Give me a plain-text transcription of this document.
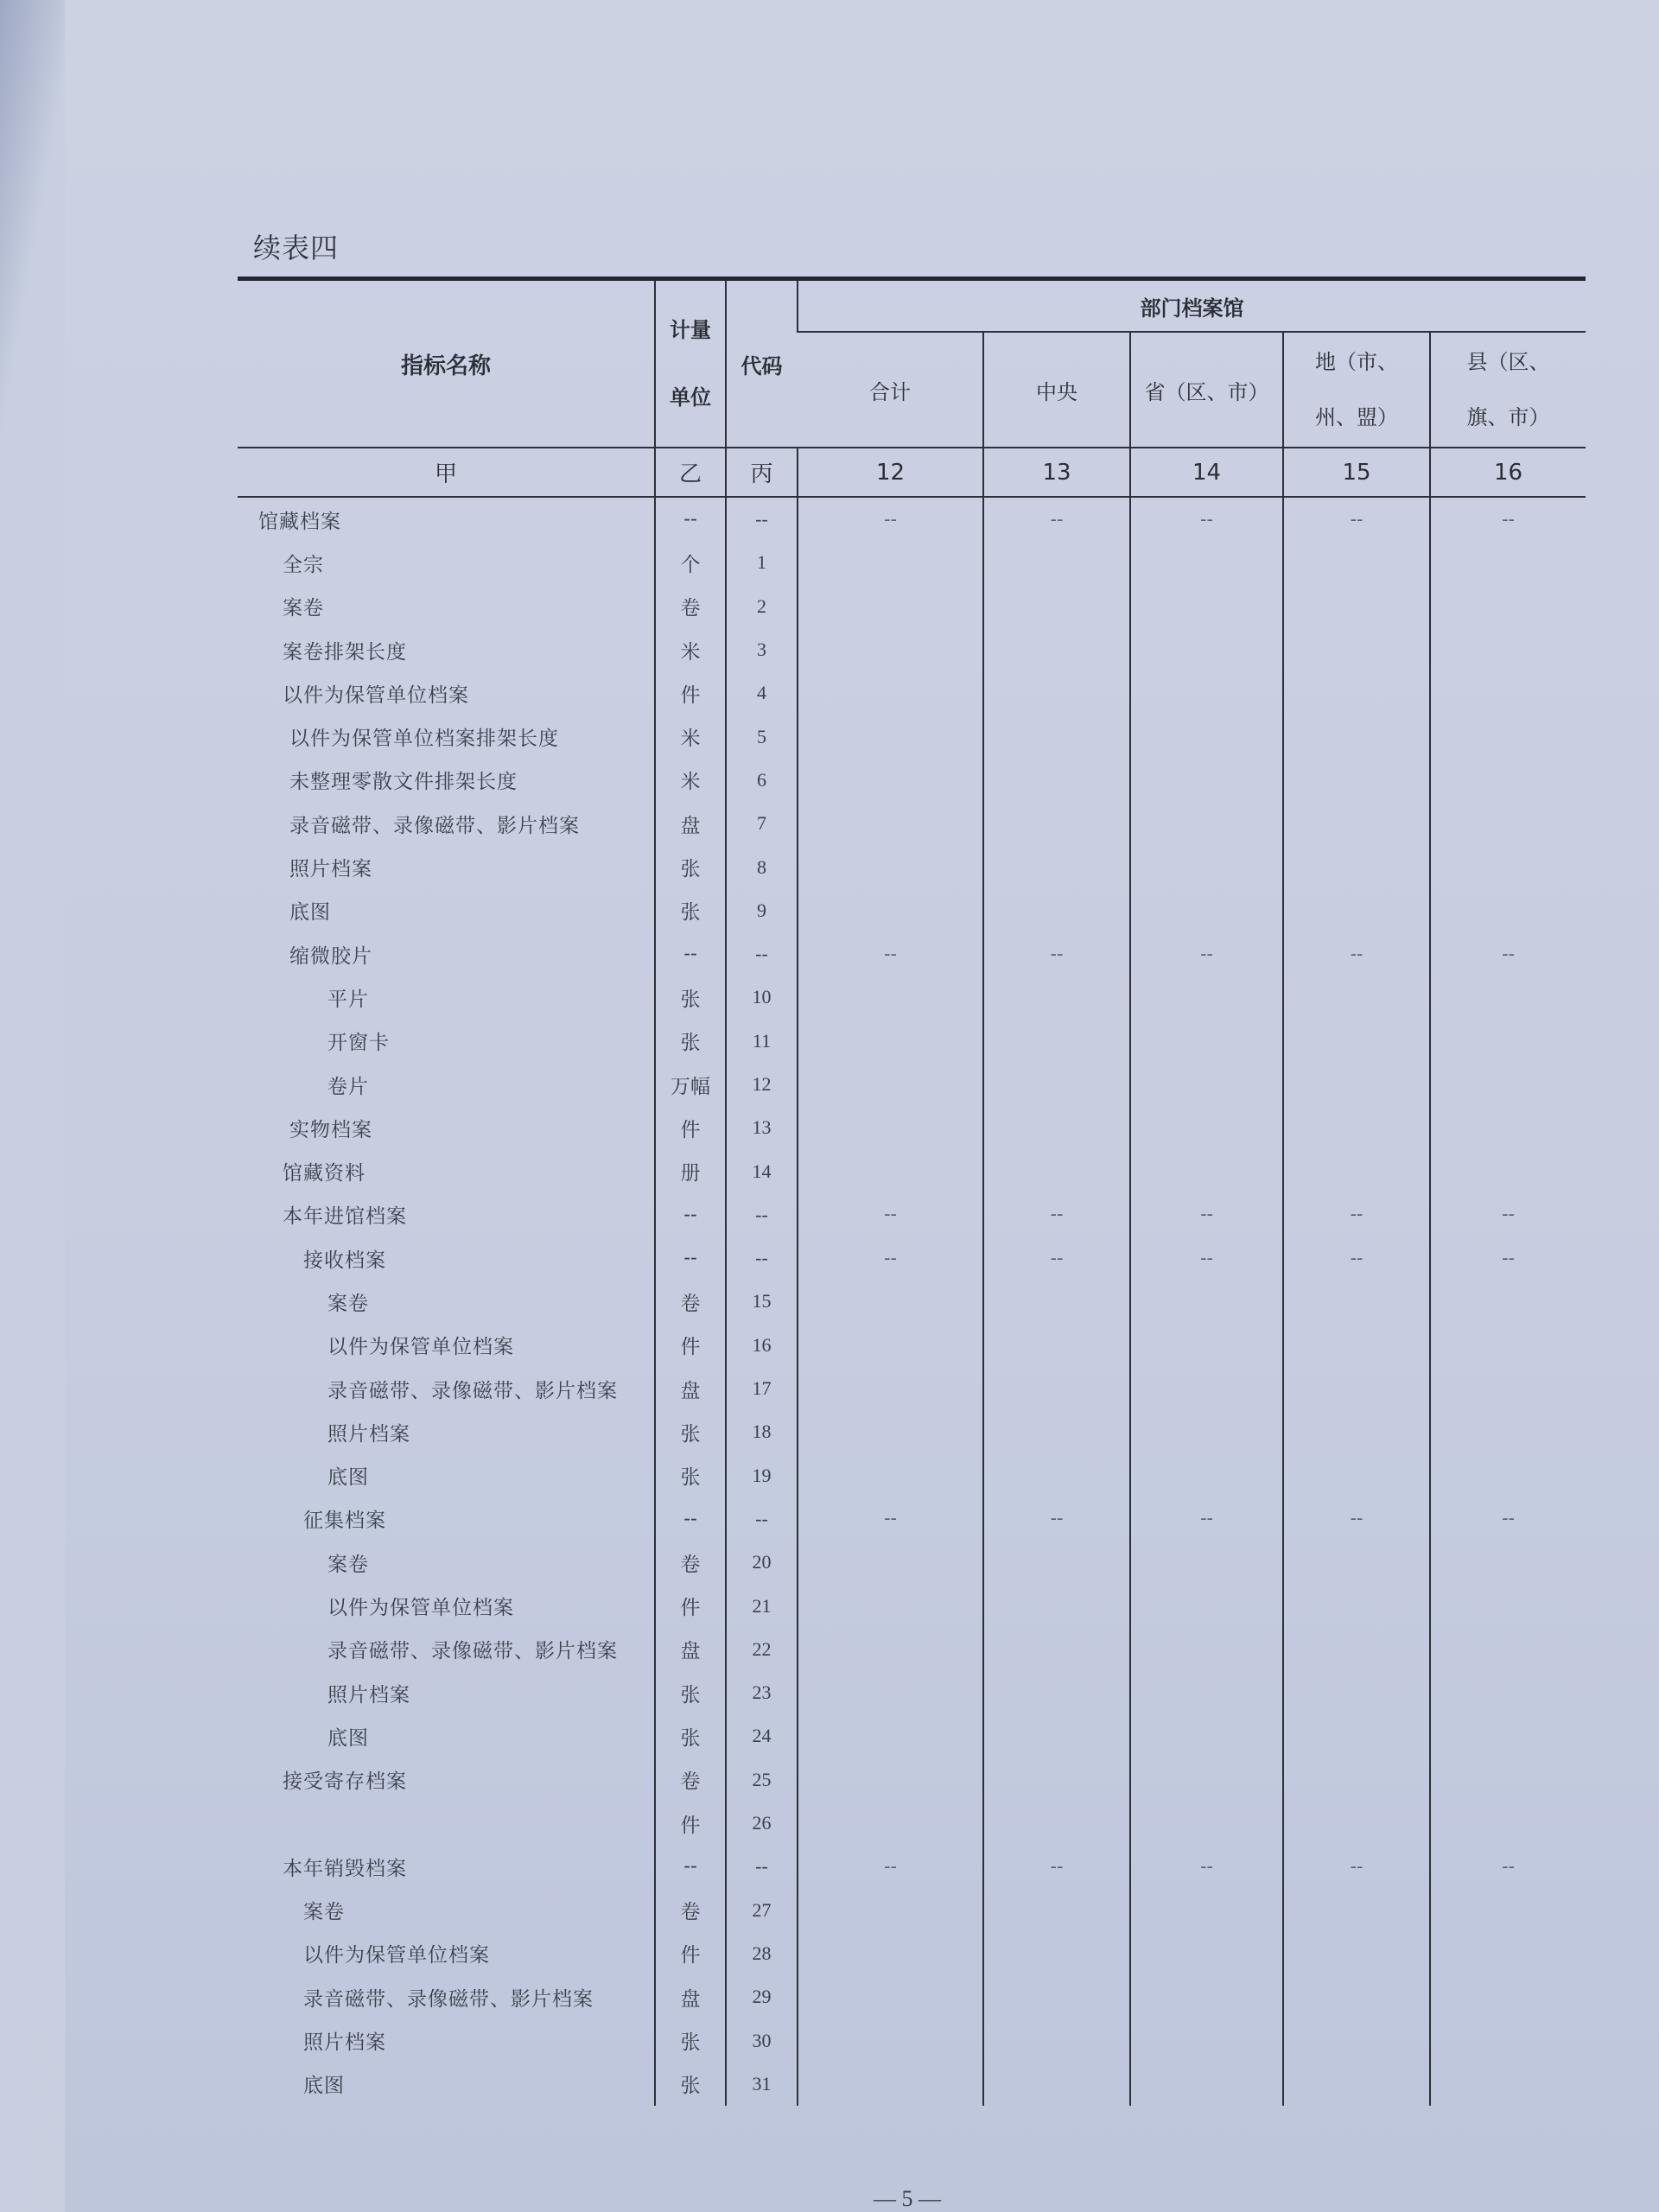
续表四
指标名称	计量
单位	代码	部门档案馆				
			合计	中央	省（区、市）	地（市、
州、盟）	县（区、
旗、市）
甲	乙	丙	12	13	14	15	16
馆藏档案	--	--	--	--	--	--	--
全宗	个	1					
案卷	卷	2					
案卷排架长度	米	3					
以件为保管单位档案	件	4					
以件为保管单位档案排架长度	米	5					
未整理零散文件排架长度	米	6					
录音磁带、录像磁带、影片档案	盘	7					
照片档案	张	8					
底图	张	9					
缩微胶片	--	--	--	--	--	--	--
平片	张	10					
开窗卡	张	11					
卷片	万幅	12					
实物档案	件	13					
馆藏资料	册	14					
本年进馆档案	--	--	--	--	--	--	--
接收档案	--	--	--	--	--	--	--
案卷	卷	15					
以件为保管单位档案	件	16					
录音磁带、录像磁带、影片档案	盘	17					
照片档案	张	18					
底图	张	19					
征集档案	--	--	--	--	--	--	--
案卷	卷	20					
以件为保管单位档案	件	21					
录音磁带、录像磁带、影片档案	盘	22					
照片档案	张	23					
底图	张	24					
接受寄存档案	卷	25					
	件	26					
本年销毁档案	--	--	--	--	--	--	--
案卷	卷	27					
以件为保管单位档案	件	28					
录音磁带、录像磁带、影片档案	盘	29					
照片档案	张	30					
底图	张	31					
— 5 —
